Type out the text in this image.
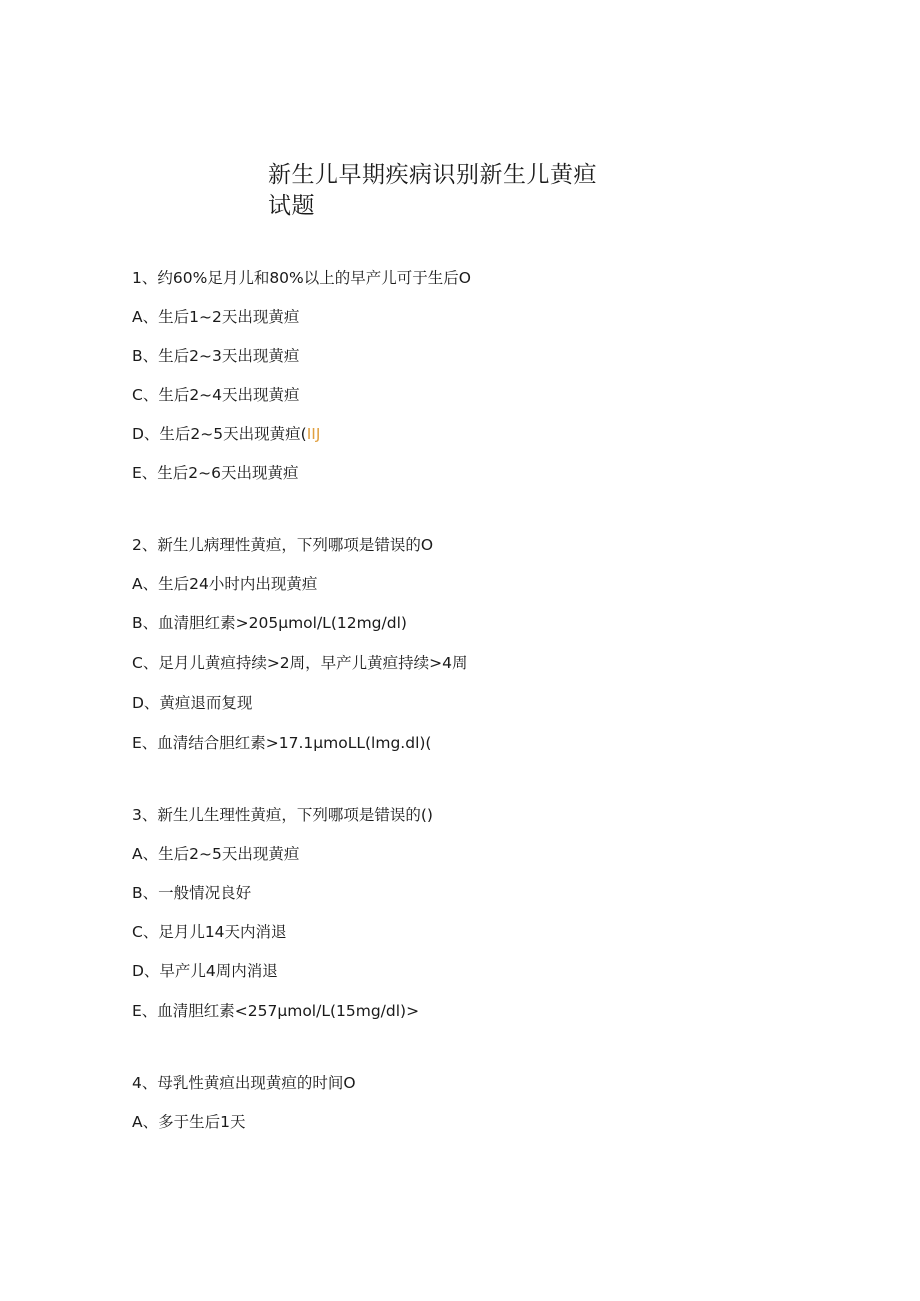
新生儿早期疾病识别新生儿黄疸
试题
1、约60%足月儿和80%以上的早产儿可于生后O
A、生后1~2天出现黄疸
B、生后2~3天出现黄疸
C、生后2~4天出现黄疸
D、生后2~5天出现黄疸(IIJ
E、生后2~6天出现黄疸
2、新生儿病理性黄疸，下列哪项是错误的O
A、生后24小时内出现黄疸
B、血清胆红素>205μmol∕L(12mg∕dl)
C、足月儿黄疸持续>2周，早产儿黄疸持续>4周
D、黄疸退而复现
E、血清结合胆红素>17.1μmoLL(lmg.dl)(
3、新生儿生理性黄疸，下列哪项是错误的()
A、生后2~5天出现黄疸
B、一般情况良好
C、足月儿14天内消退
D、早产儿4周内消退
E、血清胆红素<257μmol∕L(15mg∕dl)>
4、母乳性黄疸出现黄疸的时间O
A、多于生后1天
